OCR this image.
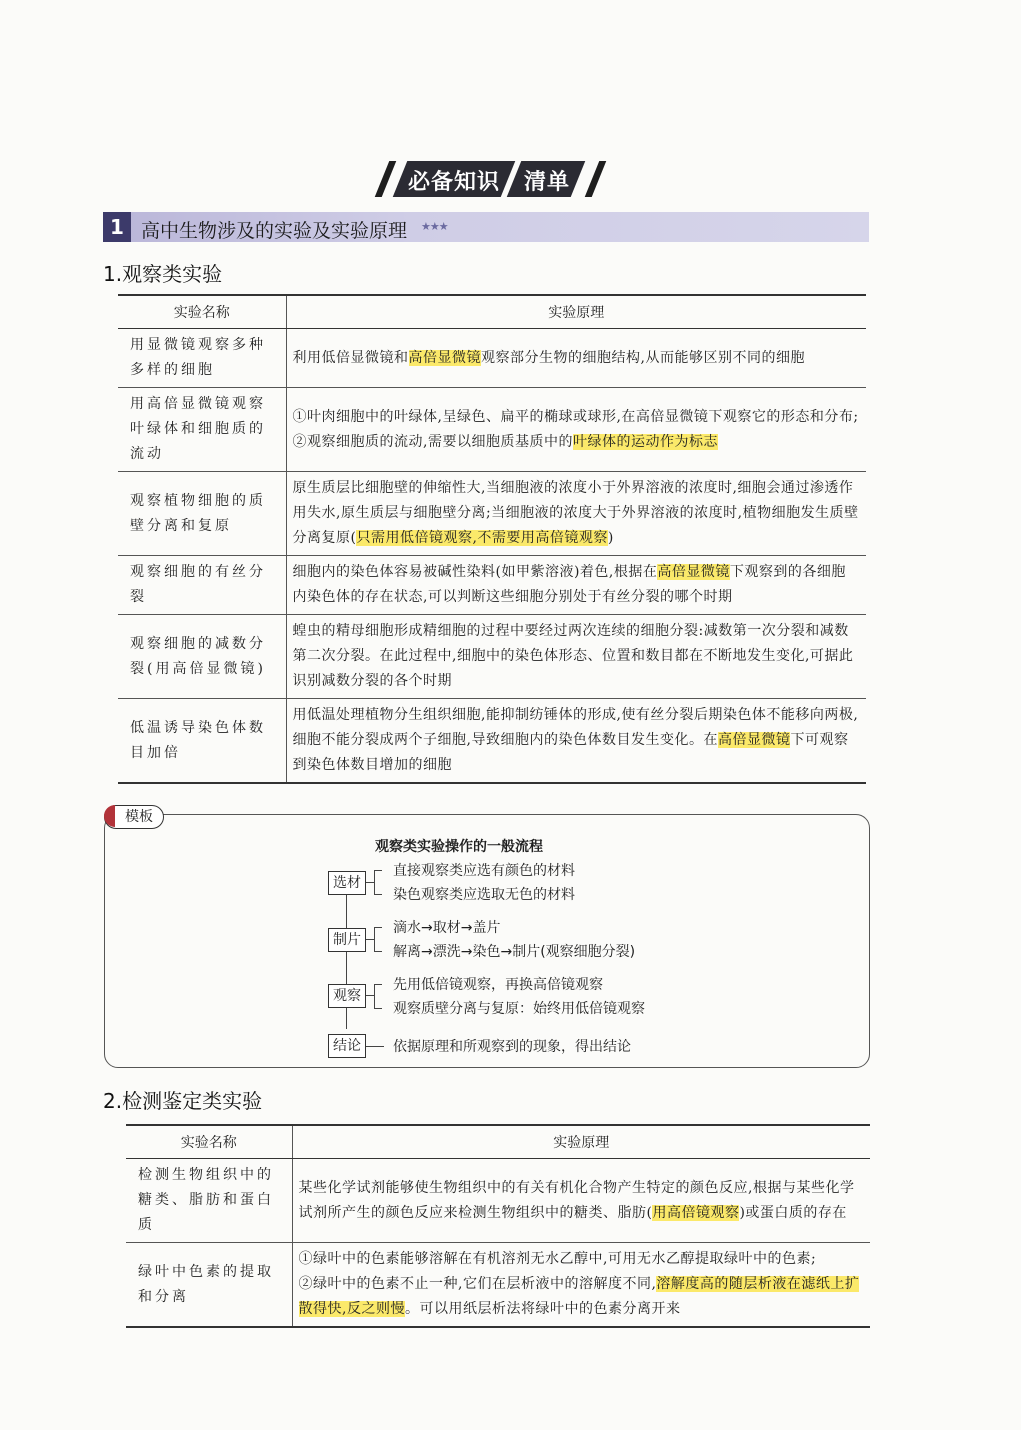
必备知识 清单
1 高中生物涉及的实验及实验原理 ★★★
1.观察类实验
实验名称	实验原理
用显微镜观察多种多样的细胞	利用低倍显微镜和高倍显微镜观察部分生物的细胞结构,从而能够区别不同的细胞
用高倍显微镜观察叶绿体和细胞质的流动	①叶肉细胞中的叶绿体,呈绿色、扁平的椭球或球形,在高倍显微镜下观察它的形态和分布;
②观察细胞质的流动,需要以细胞质基质中的叶绿体的运动作为标志
观察植物细胞的质壁分离和复原	原生质层比细胞壁的伸缩性大,当细胞液的浓度小于外界溶液的浓度时,细胞会通过渗透作用失水,原生质层与细胞壁分离;当细胞液的浓度大于外界溶液的浓度时,植物细胞发生质壁分离复原(只需用低倍镜观察,不需要用高倍镜观察)
观察细胞的有丝分裂	细胞内的染色体容易被碱性染料(如甲紫溶液)着色,根据在高倍显微镜下观察到的各细胞内染色体的存在状态,可以判断这些细胞分别处于有丝分裂的哪个时期
观察细胞的减数分裂(用高倍显微镜)	蝗虫的精母细胞形成精细胞的过程中要经过两次连续的细胞分裂:减数第一次分裂和减数第二次分裂。在此过程中,细胞中的染色体形态、位置和数目都在不断地发生变化,可据此识别减数分裂的各个时期
低温诱导染色体数目加倍	用低温处理植物分生组织细胞,能抑制纺锤体的形成,使有丝分裂后期染色体不能移向两极,细胞不能分裂成两个子细胞,导致细胞内的染色体数目发生变化。在高倍显微镜下可观察到染色体数目增加的细胞
模板
观察类实验操作的一般流程
选材
制片
观察
结论
直接观察类应选有颜色的材料
染色观察类应选取无色的材料
滴水→取材→盖片
解离→漂洗→染色→制片(观察细胞分裂)
先用低倍镜观察，再换高倍镜观察
观察质壁分离与复原：始终用低倍镜观察
依据原理和所观察到的现象，得出结论
2.检测鉴定类实验
实验名称	实验原理
检测生物组织中的糖类、脂肪和蛋白质	某些化学试剂能够使生物组织中的有关有机化合物产生特定的颜色反应,根据与某些化学试剂所产生的颜色反应来检测生物组织中的糖类、脂肪(用高倍镜观察)或蛋白质的存在
绿叶中色素的提取和分离	①绿叶中的色素能够溶解在有机溶剂无水乙醇中,可用无水乙醇提取绿叶中的色素;
②绿叶中的色素不止一种,它们在层析液中的溶解度不同,溶解度高的随层析液在滤纸上扩散得快,反之则慢。可以用纸层析法将绿叶中的色素分离开来
